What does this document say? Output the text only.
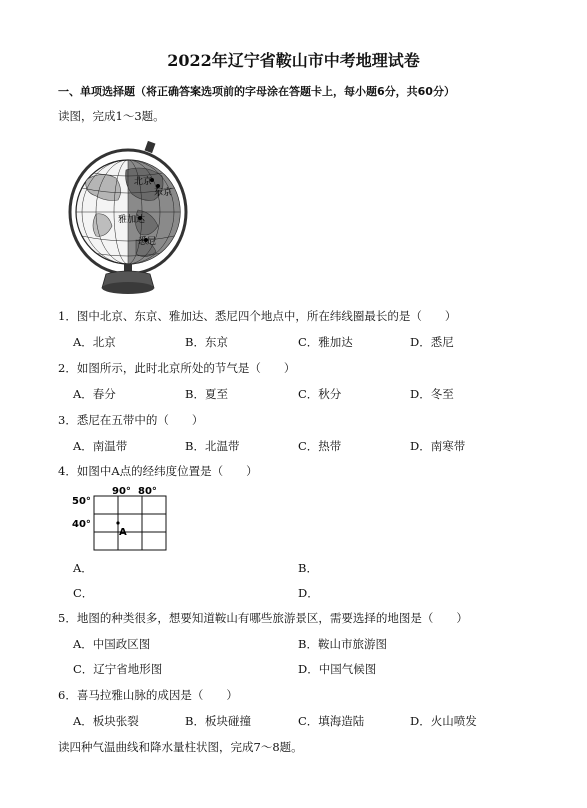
2022年辽宁省鞍山市中考地理试卷
一、单项选择题（将正确答案选项前的字母涂在答题卡上，每小题6分，共60分）
读图，完成1～3题。
北京
东京
雅加达
悉尼
1．图中北京、东京、雅加达、悉尼四个地点中，所在纬线圈最长的是（　　）
A．北京	B．东京	C．雅加达	D．悉尼
2．如图所示，此时北京所处的节气是（　　）
A．春分	B．夏至	C．秋分	D．冬至
3．悉尼在五带中的（　　）
A．南温带	B．北温带	C．热带	D．南寒带
4．如图中A点的经纬度位置是（　　）
50°
40°
90° 80°
A
A．	B．
C．	D．
5．地图的种类很多，想要知道鞍山有哪些旅游景区，需要选择的地图是（　　）
A．中国政区图	B．鞍山市旅游图
C．辽宁省地形图	D．中国气候图
6．喜马拉雅山脉的成因是（　　）
A．板块张裂	B．板块碰撞	C．填海造陆	D．火山喷发
读四种气温曲线和降水量柱状图，完成7～8题。
